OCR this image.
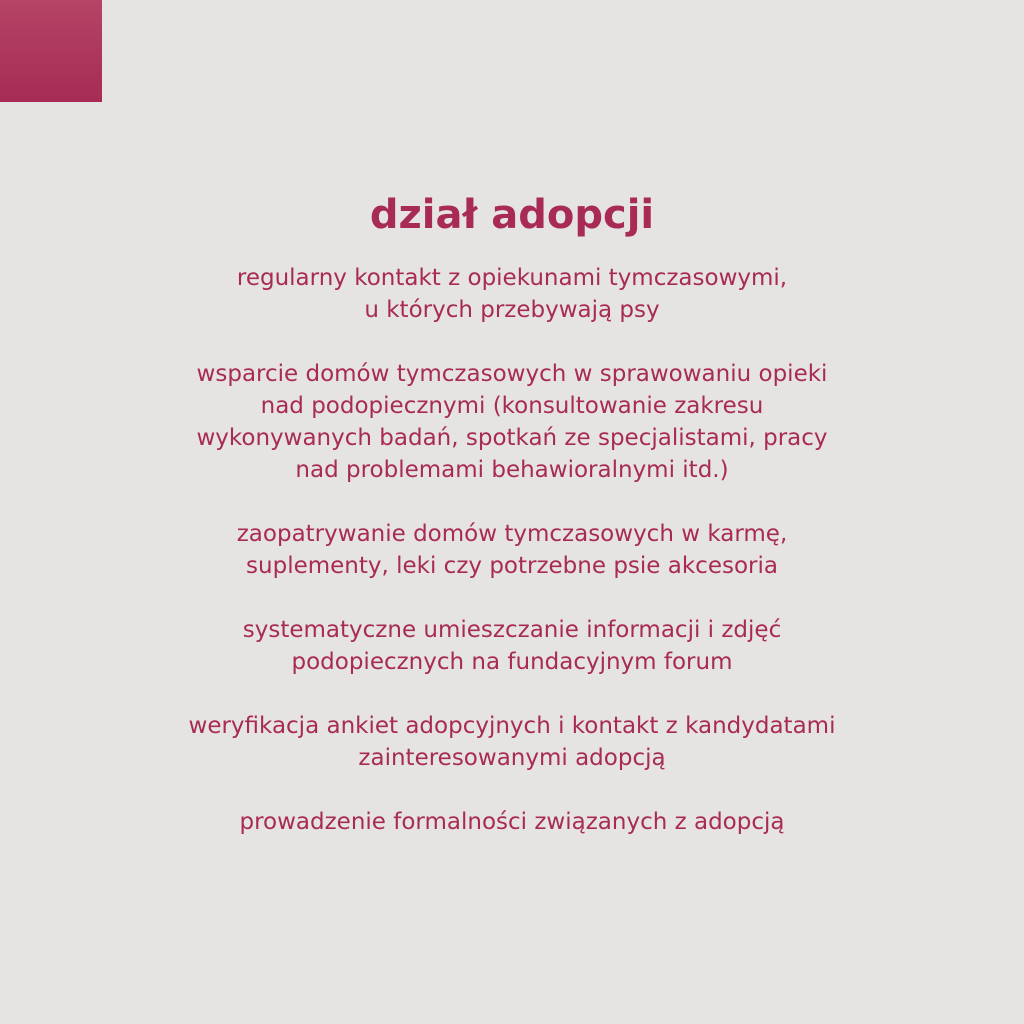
dział adopcji
regularny kontakt z opiekunami tymczasowymi,
u których przebywają psy
wsparcie domów tymczasowych w sprawowaniu opieki
nad podopiecznymi (konsultowanie zakresu
wykonywanych badań, spotkań ze specjalistami, pracy
nad problemami behawioralnymi itd.)
zaopatrywanie domów tymczasowych w karmę,
suplementy, leki czy potrzebne psie akcesoria
systematyczne umieszczanie informacji i zdjęć
podopiecznych na fundacyjnym forum
weryfikacja ankiet adopcyjnych i kontakt z kandydatami
zainteresowanymi adopcją
prowadzenie formalności związanych z adopcją
